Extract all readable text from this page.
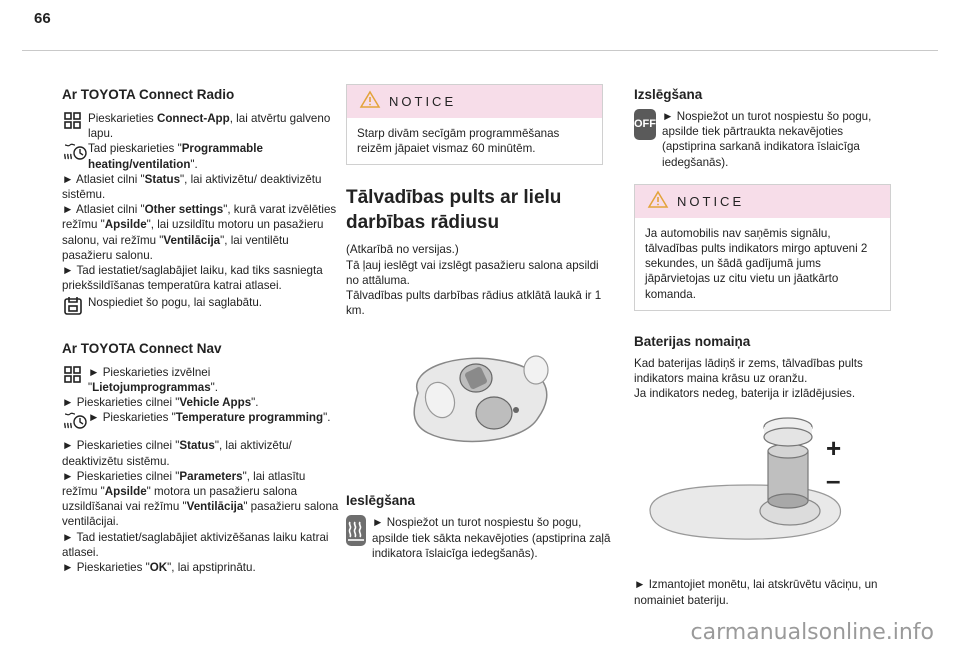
66
Ar TOYOTA Connect Radio

Pieskarieties Connect-App, lai atvērtu galveno lapu.

Tad pieskarieties "Programmable heating/ventilation".

► Atlasiet cilni "Status", lai aktivizētu/ deaktivizētu sistēmu.

► Atlasiet cilni "Other settings", kurā varat izvēlēties režīmu "Apsilde", lai uzsildītu motoru un pasažieru salonu, vai režīmu "Ventilācija", lai ventilētu pasažieru salonu.

► Tad iestatiet/saglabājiet laiku, kad tiks sasniegta priekšsildīšanas temperatūra katrai atlasei.

Nospiediet šo pogu, lai saglabātu.

Ar TOYOTA Connect Nav

► Pieskarieties izvēlnei "Lietojumprogrammas".

► Pieskarieties cilnei "Vehicle Apps".

► Pieskarieties "Temperature programming".

► Pieskarieties cilnei "Status", lai aktivizētu/ deaktivizētu sistēmu.

► Pieskarieties cilnei "Parameters", lai atlasītu režīmu "Apsilde" motora un pasažieru salona uzsildīšanai vai režīmu "Ventilācija" pasažieru salona ventilācijai.

► Tad iestatiet/saglabājiet aktivizēšanas laiku katrai atlasei.

► Pieskarieties "OK", lai apstiprinātu.

NOTICE
Starp divām secīgām programmēšanas reizēm jāpaiet vismaz 60 minūtēm.
Tālvadības pults ar lielu
darbības rādiusu

(Atkarībā no versijas.)

Tā ļauj ieslēgt vai izslēgt pasažieru salona apsildi no attāluma.

Tālvadības pults darbības rādius atklātā laukā ir 1 km.

Ieslēgšana

► Nospiežot un turot nospiestu šo pogu, apsilde tiek sākta nekavējoties (apstiprina zaļā indikatora īslaicīga iedegšanās).

Izslēgšana
OFF

► Nospiežot un turot nospiestu šo pogu, apsilde tiek pārtraukta nekavējoties (apstiprina sarkanā indikatora īslaicīga iedegšanās).

NOTICE
Ja automobilis nav saņēmis signālu, tālvadības pults indikators mirgo aptuveni 2 sekundes, un šādā gadījumā jums jāpārvietojas uz citu vietu un jāatkārto komanda.
Baterijas nomaiņa

Kad baterijas lādiņš ir zems, tālvadības pults indikators maina krāsu uz oranžu.

Ja indikators nedeg, baterija ir izlādējusies.

+
–

► Izmantojiet monētu, lai atskrūvētu vāciņu, un nomainiet bateriju.

carmanualsonline.info
